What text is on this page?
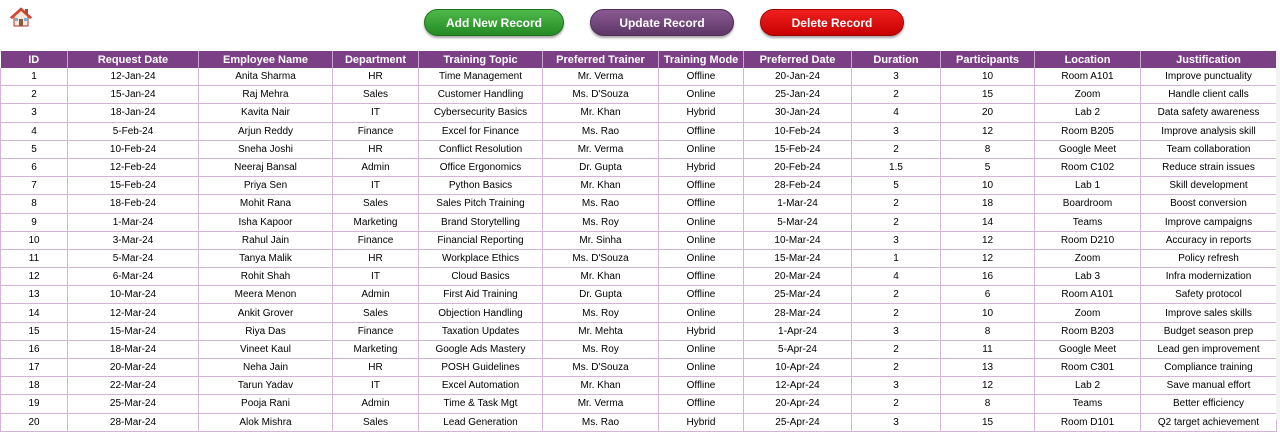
Add New Record	Update Record	Delete Record
ID	Request Date	Employee Name	Department	Training Topic	Preferred Trainer	Training Mode	Preferred Date	Duration	Participants	Location	Justification
1	12-Jan-24	Anita Sharma	HR	Time Management	Mr. Verma	Offline	20-Jan-24	3	10	Room A101	Improve punctuality
2	15-Jan-24	Raj Mehra	Sales	Customer Handling	Ms. D'Souza	Online	25-Jan-24	2	15	Zoom	Handle client calls
3	18-Jan-24	Kavita Nair	IT	Cybersecurity Basics	Mr. Khan	Hybrid	30-Jan-24	4	20	Lab 2	Data safety awareness
4	5-Feb-24	Arjun Reddy	Finance	Excel for Finance	Ms. Rao	Offline	10-Feb-24	3	12	Room B205	Improve analysis skill
5	10-Feb-24	Sneha Joshi	HR	Conflict Resolution	Mr. Verma	Online	15-Feb-24	2	8	Google Meet	Team collaboration
6	12-Feb-24	Neeraj Bansal	Admin	Office Ergonomics	Dr. Gupta	Hybrid	20-Feb-24	1.5	5	Room C102	Reduce strain issues
7	15-Feb-24	Priya Sen	IT	Python Basics	Mr. Khan	Offline	28-Feb-24	5	10	Lab 1	Skill development
8	18-Feb-24	Mohit Rana	Sales	Sales Pitch Training	Ms. Rao	Offline	1-Mar-24	2	18	Boardroom	Boost conversion
9	1-Mar-24	Isha Kapoor	Marketing	Brand Storytelling	Ms. Roy	Online	5-Mar-24	2	14	Teams	Improve campaigns
10	3-Mar-24	Rahul Jain	Finance	Financial Reporting	Mr. Sinha	Online	10-Mar-24	3	12	Room D210	Accuracy in reports
11	5-Mar-24	Tanya Malik	HR	Workplace Ethics	Ms. D'Souza	Online	15-Mar-24	1	12	Zoom	Policy refresh
12	6-Mar-24	Rohit Shah	IT	Cloud Basics	Mr. Khan	Offline	20-Mar-24	4	16	Lab 3	Infra modernization
13	10-Mar-24	Meera Menon	Admin	First Aid Training	Dr. Gupta	Offline	25-Mar-24	2	6	Room A101	Safety protocol
14	12-Mar-24	Ankit Grover	Sales	Objection Handling	Ms. Roy	Online	28-Mar-24	2	10	Zoom	Improve sales skills
15	15-Mar-24	Riya Das	Finance	Taxation Updates	Mr. Mehta	Hybrid	1-Apr-24	3	8	Room B203	Budget season prep
16	18-Mar-24	Vineet Kaul	Marketing	Google Ads Mastery	Ms. Roy	Online	5-Apr-24	2	11	Google Meet	Lead gen improvement
17	20-Mar-24	Neha Jain	HR	POSH Guidelines	Ms. D'Souza	Online	10-Apr-24	2	13	Room C301	Compliance training
18	22-Mar-24	Tarun Yadav	IT	Excel Automation	Mr. Khan	Offline	12-Apr-24	3	12	Lab 2	Save manual effort
19	25-Mar-24	Pooja Rani	Admin	Time & Task Mgt	Mr. Verma	Offline	20-Apr-24	2	8	Teams	Better efficiency
20	28-Mar-24	Alok Mishra	Sales	Lead Generation	Ms. Rao	Hybrid	25-Apr-24	3	15	Room D101	Q2 target achievement
